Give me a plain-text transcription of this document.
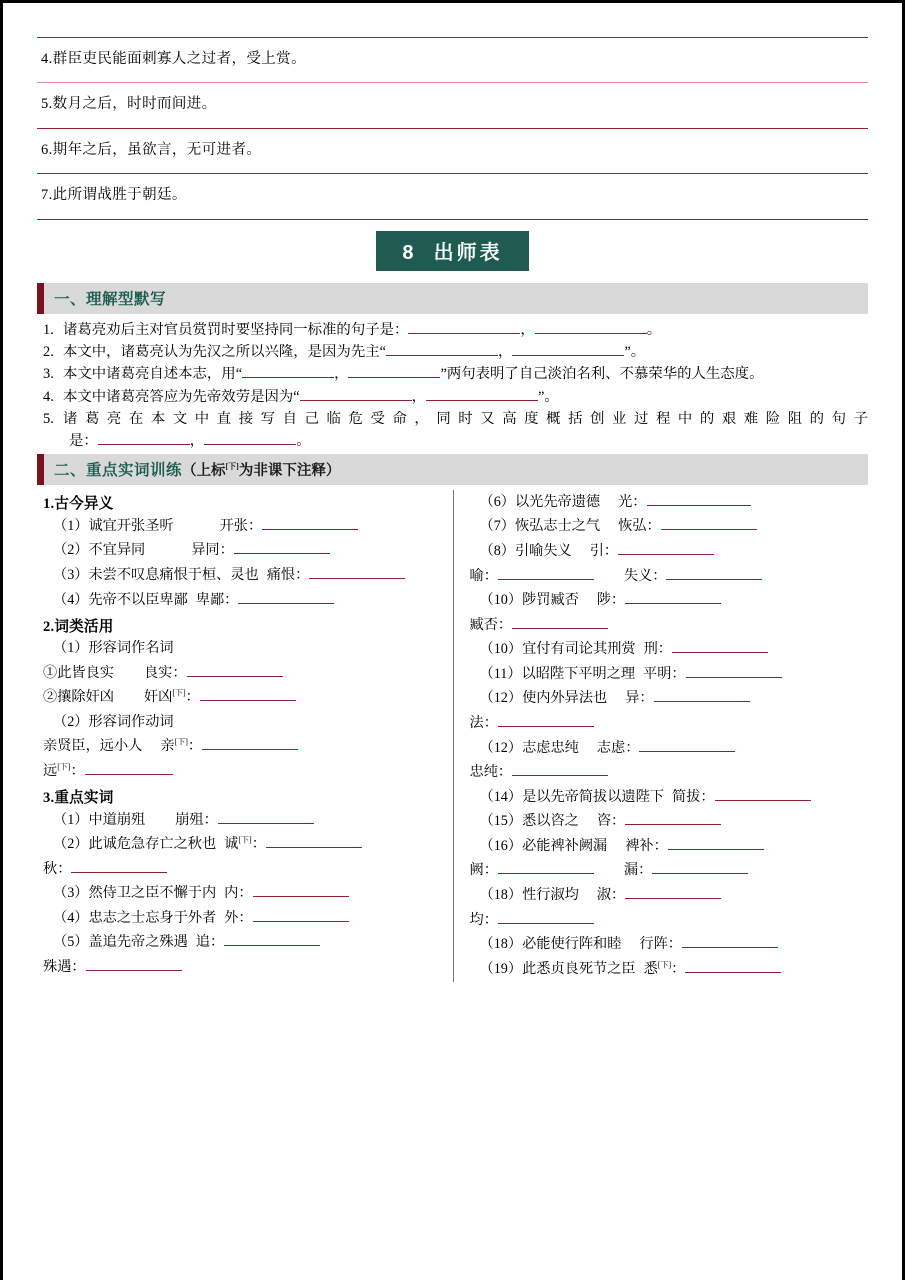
4.群臣吏民能面刺寡人之过者，受上赏。
5.数月之后，时时而间进。
6.期年之后，虽欲言，无可进者。
7.此所谓战胜于朝廷。
8 出师表
一、理解型默写
1. 诸葛亮劝后主对官员赏罚时要坚持同一标准的句子是：	，	。
2. 本文中，诸葛亮认为先汉之所以兴隆，是因为先主“	，	”。
3. 本文中诸葛亮自述本志，用“	，	”两句表明了自己淡泊名利、不慕荣华的人生态度。
4. 本文中诸葛亮答应为先帝效劳是因为“	，	”。
5. 诸葛亮在本文中直接写自己临危受命，同时又高度概括创业过程中的艰难险阻的句子
是：	，	。
二、重点实词训练（上标[下]为非课下注释）
1.古今异义
（1）诚宜开张圣听	开张：
（2）不宜异同	异同：
（3）未尝不叹息痛恨于桓、灵也 痛恨：
（4）先帝不以臣卑鄙 卑鄙：
2.词类活用
（1）形容词作名词
①此皆良实 良实：
②攘除奸凶 奸凶[下]：
（2）形容词作动词
亲贤臣，远小人 亲[下]：
远[下]：
3.重点实词
（1）中道崩殂 崩殂：
（2）此诚危急存亡之秋也 诚[下]：
秋：
（3）然侍卫之臣不懈于内 内：
（4）忠志之士忘身于外者 外：
（5）盖追先帝之殊遇 追：
殊遇：
（6）以光先帝遗德 光：
（7）恢弘志士之气 恢弘：
（8）引喻失义 引：
喻：	失义：
（10）陟罚臧否 陟：
臧否：
（10）宜付有司论其刑赏 刑：
（11）以昭陛下平明之理 平明：
（12）使内外异法也 异：
法：
（12）志虑忠纯 志虑：
忠纯：
（14）是以先帝简拔以遗陛下 简拔：
（15）悉以咨之 咨：
（16）必能裨补阙漏 裨补：
阙：	漏：
（18）性行淑均 淑：
均：
（18）必能使行阵和睦 行阵：
（19）此悉贞良死节之臣 悉[下]：
